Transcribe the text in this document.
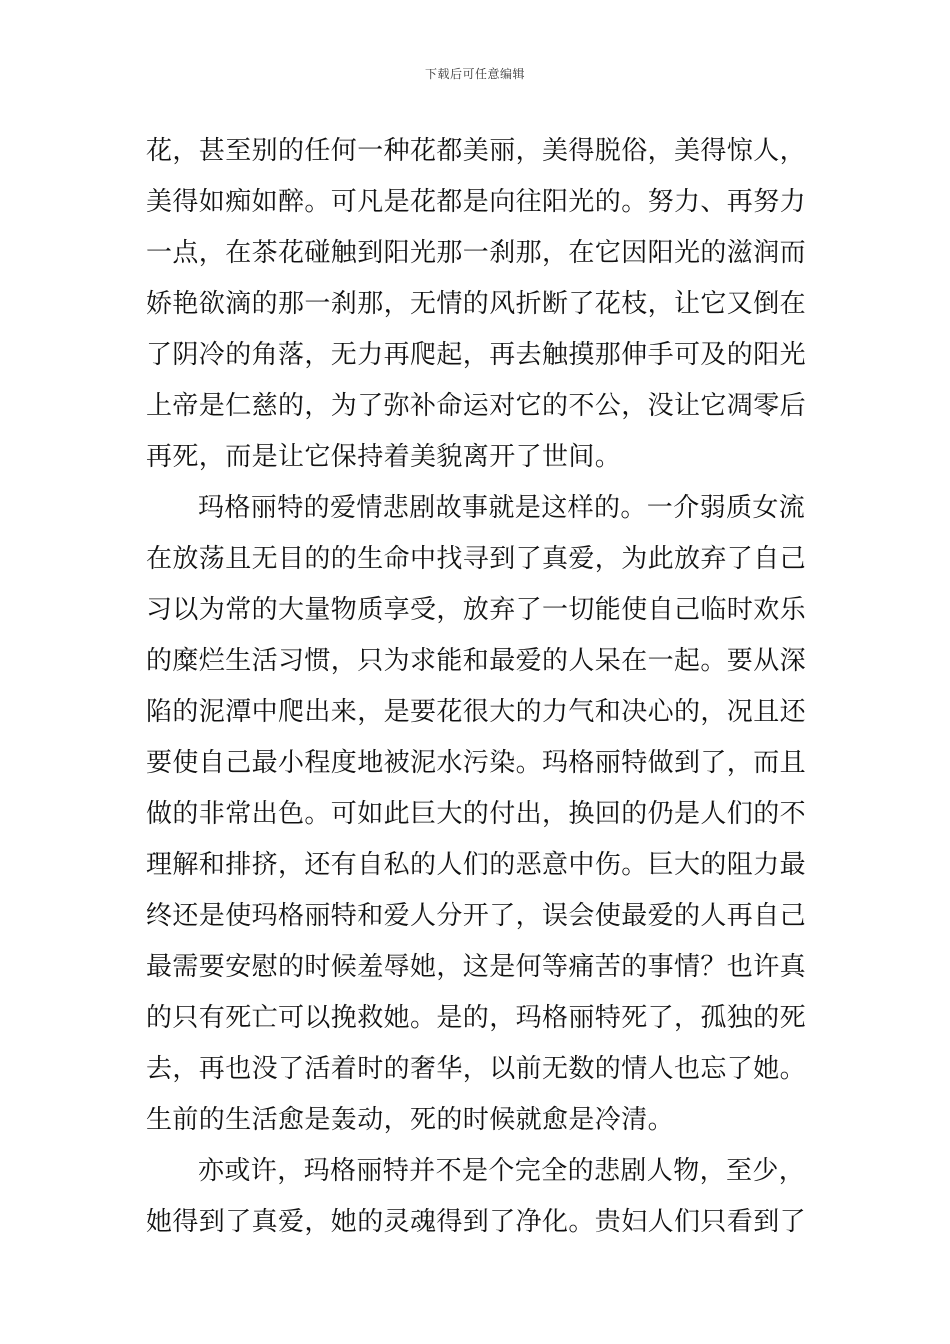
下载后可任意编辑
花，甚至别的任何一种花都美丽，美得脱俗，美得惊人，
美得如痴如醉。可凡是花都是向往阳光的。努力、再努力
一点，在茶花碰触到阳光那一刹那，在它因阳光的滋润而
娇艳欲滴的那一刹那，无情的风折断了花枝，让它又倒在
了阴冷的角落，无力再爬起，再去触摸那伸手可及的阳光
上帝是仁慈的，为了弥补命运对它的不公，没让它凋零后
再死，而是让它保持着美貌离开了世间。
玛格丽特的爱情悲剧故事就是这样的。一介弱质女流
在放荡且无目的的生命中找寻到了真爱，为此放弃了自己
习以为常的大量物质享受，放弃了一切能使自己临时欢乐
的糜烂生活习惯，只为求能和最爱的人呆在一起。要从深
陷的泥潭中爬出来，是要花很大的力气和决心的，况且还
要使自己最小程度地被泥水污染。玛格丽特做到了，而且
做的非常出色。可如此巨大的付出，换回的仍是人们的不
理解和排挤，还有自私的人们的恶意中伤。巨大的阻力最
终还是使玛格丽特和爱人分开了，误会使最爱的人再自己
最需要安慰的时候羞辱她，这是何等痛苦的事情？也许真
的只有死亡可以挽救她。是的，玛格丽特死了，孤独的死
去，再也没了活着时的奢华，以前无数的情人也忘了她。
生前的生活愈是轰动，死的时候就愈是冷清。
亦或许，玛格丽特并不是个完全的悲剧人物，至少，
她得到了真爱，她的灵魂得到了净化。贵妇人们只看到了
